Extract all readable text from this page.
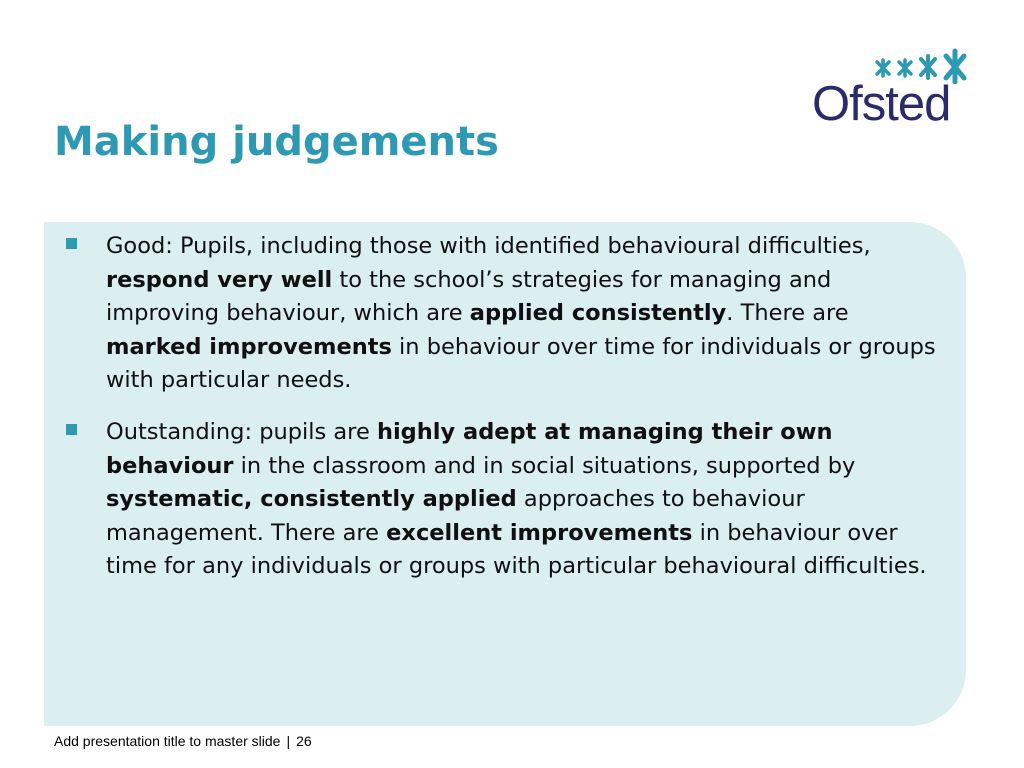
Ofsted
Making judgements
Good: Pupils, including those with identified behavioural difficulties, respond very well to the school’s strategies for managing and improving behaviour, which are applied consistently. There are marked improvements in behaviour over time for individuals or groups with particular needs.
Outstanding: pupils are highly adept at managing their own behaviour in the classroom and in social situations, supported by systematic, consistently applied approaches to behaviour management. There are excellent improvements in behaviour over time for any individuals or groups with particular behavioural difficulties.
Add presentation title to master slide | 26
